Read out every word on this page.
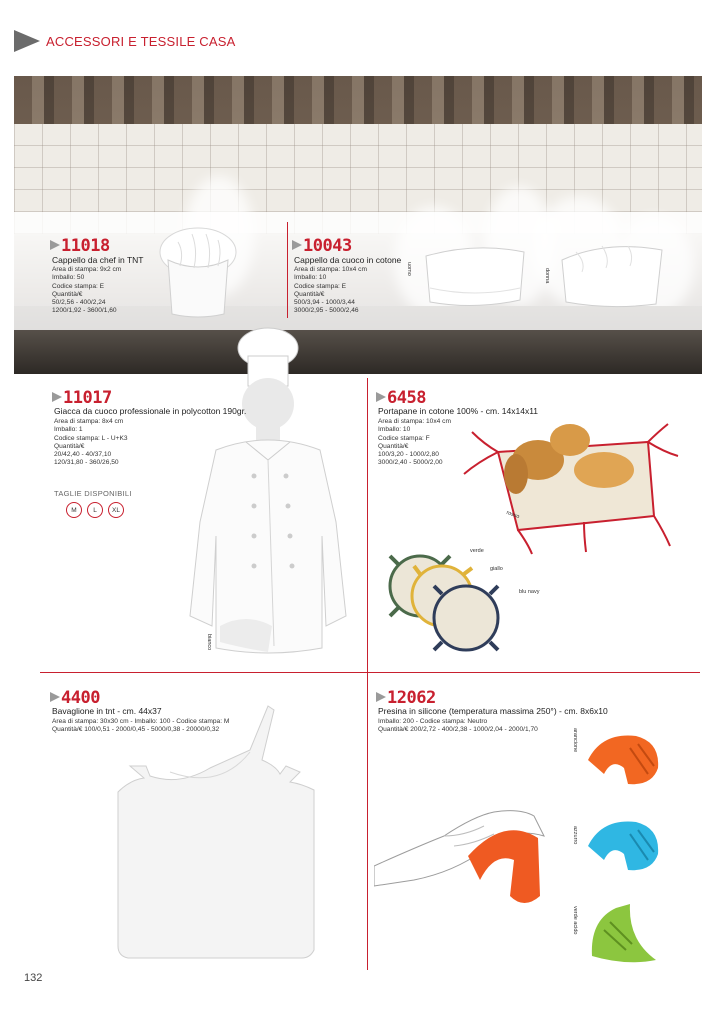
ACCESSORI E TESSILE CASA
11018
Cappello da chef in TNT
Area di stampa: 9x2 cm
Imballo: 50
Codice stampa: E
Quantità/€
50/2,56 - 400/2,24
1200/1,92 - 3600/1,60
10043
Cappello da cuoco in cotone
Area di stampa: 10x4 cm
Imballo: 10
Codice stampa: E
Quantità/€
500/3,94 - 1000/3,44
3000/2,95 - 5000/2,46
uomo	donna
bianco
11017
Giacca da cuoco professionale in polycotton 190gr.
Area di stampa: 8x4 cm
Imballo: 1
Codice stampa: L - U+K3
Quantità/€
20/42,40 - 40/37,10
120/31,80 - 360/26,50
TAGLIE DISPONIBILI
M	L	XL
6458
Portapane in cotone 100% - cm. 14x14x11
Area di stampa: 10x4 cm
Imballo: 10
Codice stampa: F
Quantità/€
100/3,20 - 1000/2,80
3000/2,40 - 5000/2,00
rosso
verde
giallo
blu navy
4400
Bavaglione in tnt - cm. 44x37
Area di stampa: 30x30 cm - Imballo: 100 - Codice stampa: M
Quantità/€ 100/0,51 - 2000/0,45 - 5000/0,38 - 20000/0,32
12062
Presina in silicone (temperatura massima 250°) - cm. 8x6x10
Imballo: 200 - Codice stampa: Neutro
Quantità/€ 200/2,72 - 400/2,38 - 1000/2,04 - 2000/1,70	arancione
azzurro
verde acido
132
